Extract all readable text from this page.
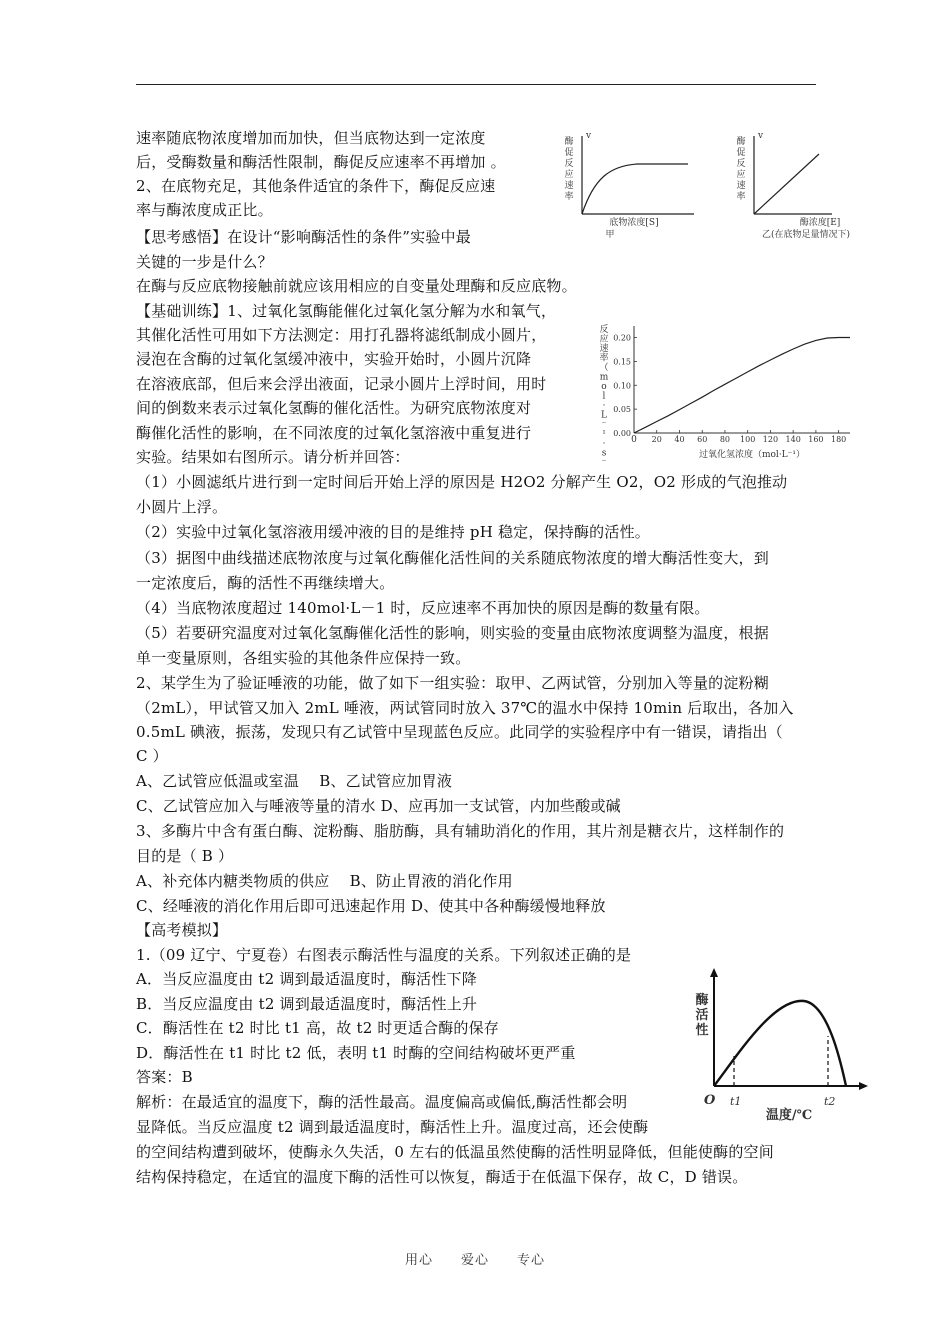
速率随底物浓度增加而加快，但当底物达到一定浓度
后，受酶数量和酶活性限制，酶促反应速率不再增加 。
2、在底物充足，其他条件适宜的条件下，酶促反应速
率与酶浓度成正比。
【思考感悟】在设计“影响酶活性的条件”实验中最
关键的一步是什么？
在酶与反应底物接触前就应该用相应的自变量处理酶和反应底物。
【基础训练】1、过氧化氢酶能催化过氧化氢分解为水和氧气，
其催化活性可用如下方法测定：用打孔器将滤纸制成小圆片，
浸泡在含酶的过氧化氢缓冲液中，实验开始时，小圆片沉降
在溶液底部，但后来会浮出液面，记录小圆片上浮时间，用时
间的倒数来表示过氧化氢酶的催化活性。为研究底物浓度对
酶催化活性的影响，在不同浓度的过氧化氢溶液中重复进行
实验。结果如右图所示。请分析并回答：
（1）小圆滤纸片进行到一定时间后开始上浮的原因是 H2O2 分解产生 O2，O2 形成的气泡推动
小圆片上浮。
（2）实验中过氧化氢溶液用缓冲液的目的是维持 pH 稳定，保持酶的活性。
（3）据图中曲线描述底物浓度与过氧化酶催化活性间的关系随底物浓度的增大酶活性变大，到
一定浓度后，酶的活性不再继续增大。
（4）当底物浓度超过 140mol·L－1 时，反应速率不再加快的原因是酶的数量有限。
（5）若要研究温度对过氧化氢酶催化活性的影响，则实验的变量由底物浓度调整为温度，根据
单一变量原则，各组实验的其他条件应保持一致。
2、某学生为了验证唾液的功能，做了如下一组实验：取甲、乙两试管，分别加入等量的淀粉糊
（2mL），甲试管又加入 2mL 唾液，两试管同时放入 37℃的温水中保持 10min 后取出，各加入
0.5mL 碘液，振荡，发现只有乙试管中呈现蓝色反应。此同学的实验程序中有一错误，请指出（
C ）
A、乙试管应低温或室温　 B、乙试管应加胃液
C、乙试管应加入与唾液等量的清水 D、应再加一支试管，内加些酸或碱
3、多酶片中含有蛋白酶、淀粉酶、脂肪酶，具有辅助消化的作用，其片剂是糖衣片，这样制作的
目的是（ B ）
A、补充体内糖类物质的供应　 B、防止胃液的消化作用
C、经唾液的消化作用后即可迅速起作用 D、使其中各种酶缓慢地释放
【高考模拟】
1.（09 辽宁、宁夏卷）右图表示酶活性与温度的关系。下列叙述正确的是
A．当反应温度由 t2 调到最适温度时，酶活性下降
B．当反应温度由 t2 调到最适温度时，酶活性上升
C．酶活性在 t2 时比 t1 高，故 t2 时更适合酶的保存
D．酶活性在 t1 时比 t2 低，表明 t1 时酶的空间结构破坏更严重
答案：B
解析：在最适宜的温度下，酶的活性最高。温度偏高或偏低,酶活性都会明
显降低。当反应温度 t2 调到最适温度时，酶活性上升。温度过高，还会使酶
的空间结构遭到破坏，使酶永久失活，0 左右的低温虽然使酶的活性明显降低，但能使酶的空间
结构保持稳定，在适宜的温度下酶的活性可以恢复，酶适于在低温下保存，故 C，D 错误。
v
酶促反应速率
底物浓度[S]
甲
v
酶促反应速率
酶浓度[E]
乙(在底物足量情况下)
反应速率（ m o l · L ⁻ ¹ · s ⁻
0
过氧化氢浓度（mol·L⁻¹）
20 40 60 80 100 120 140 160 180
0.00
0.05
0.10
0.15
0.20
酶活性
O t1	t2
温度/℃
用心 爱心 专心
